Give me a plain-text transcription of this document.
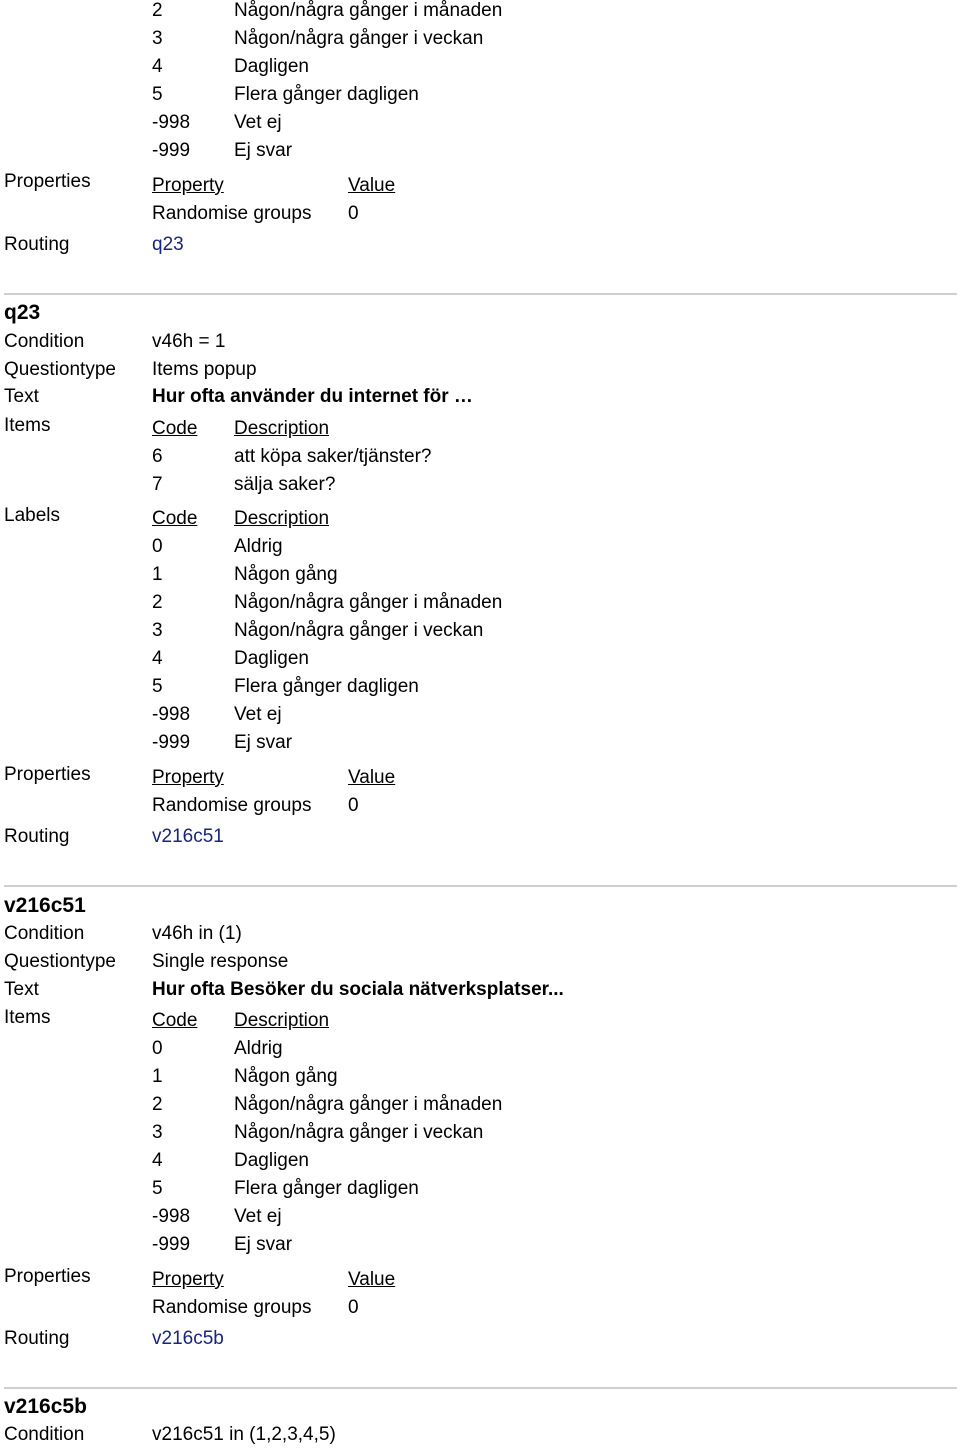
2	Någon/några gånger i månaden
3	Någon/några gånger i veckan
4	Dagligen
5	Flera gånger dagligen
-998 Vet ej
-999 Ej svar
Properties	Property	Value
Randomise groups 0
Routing	q23
q23
Condition	v46h = 1
Questiontype Items popup
Text	Hur ofta använder du internet för …
Items	Code Description
6	att köpa saker/tjänster?
7	sälja saker?
Labels	Code Description
0	Aldrig
1	Någon gång
2	Någon/några gånger i månaden
3	Någon/några gånger i veckan
4	Dagligen
5	Flera gånger dagligen
-998 Vet ej
-999 Ej svar
Properties	Property	Value
Randomise groups 0
Routing	v216c51
v216c51
Condition	v46h in (1)
Questiontype Single response
Text	Hur ofta Besöker du sociala nätverksplatser...
Items	Code Description
0	Aldrig
1	Någon gång
2	Någon/några gånger i månaden
3	Någon/några gånger i veckan
4	Dagligen
5	Flera gånger dagligen
-998 Vet ej
-999 Ej svar
Properties	Property	Value
Randomise groups 0
Routing	v216c5b
v216c5b
Condition	v216c51 in (1,2,3,4,5)
